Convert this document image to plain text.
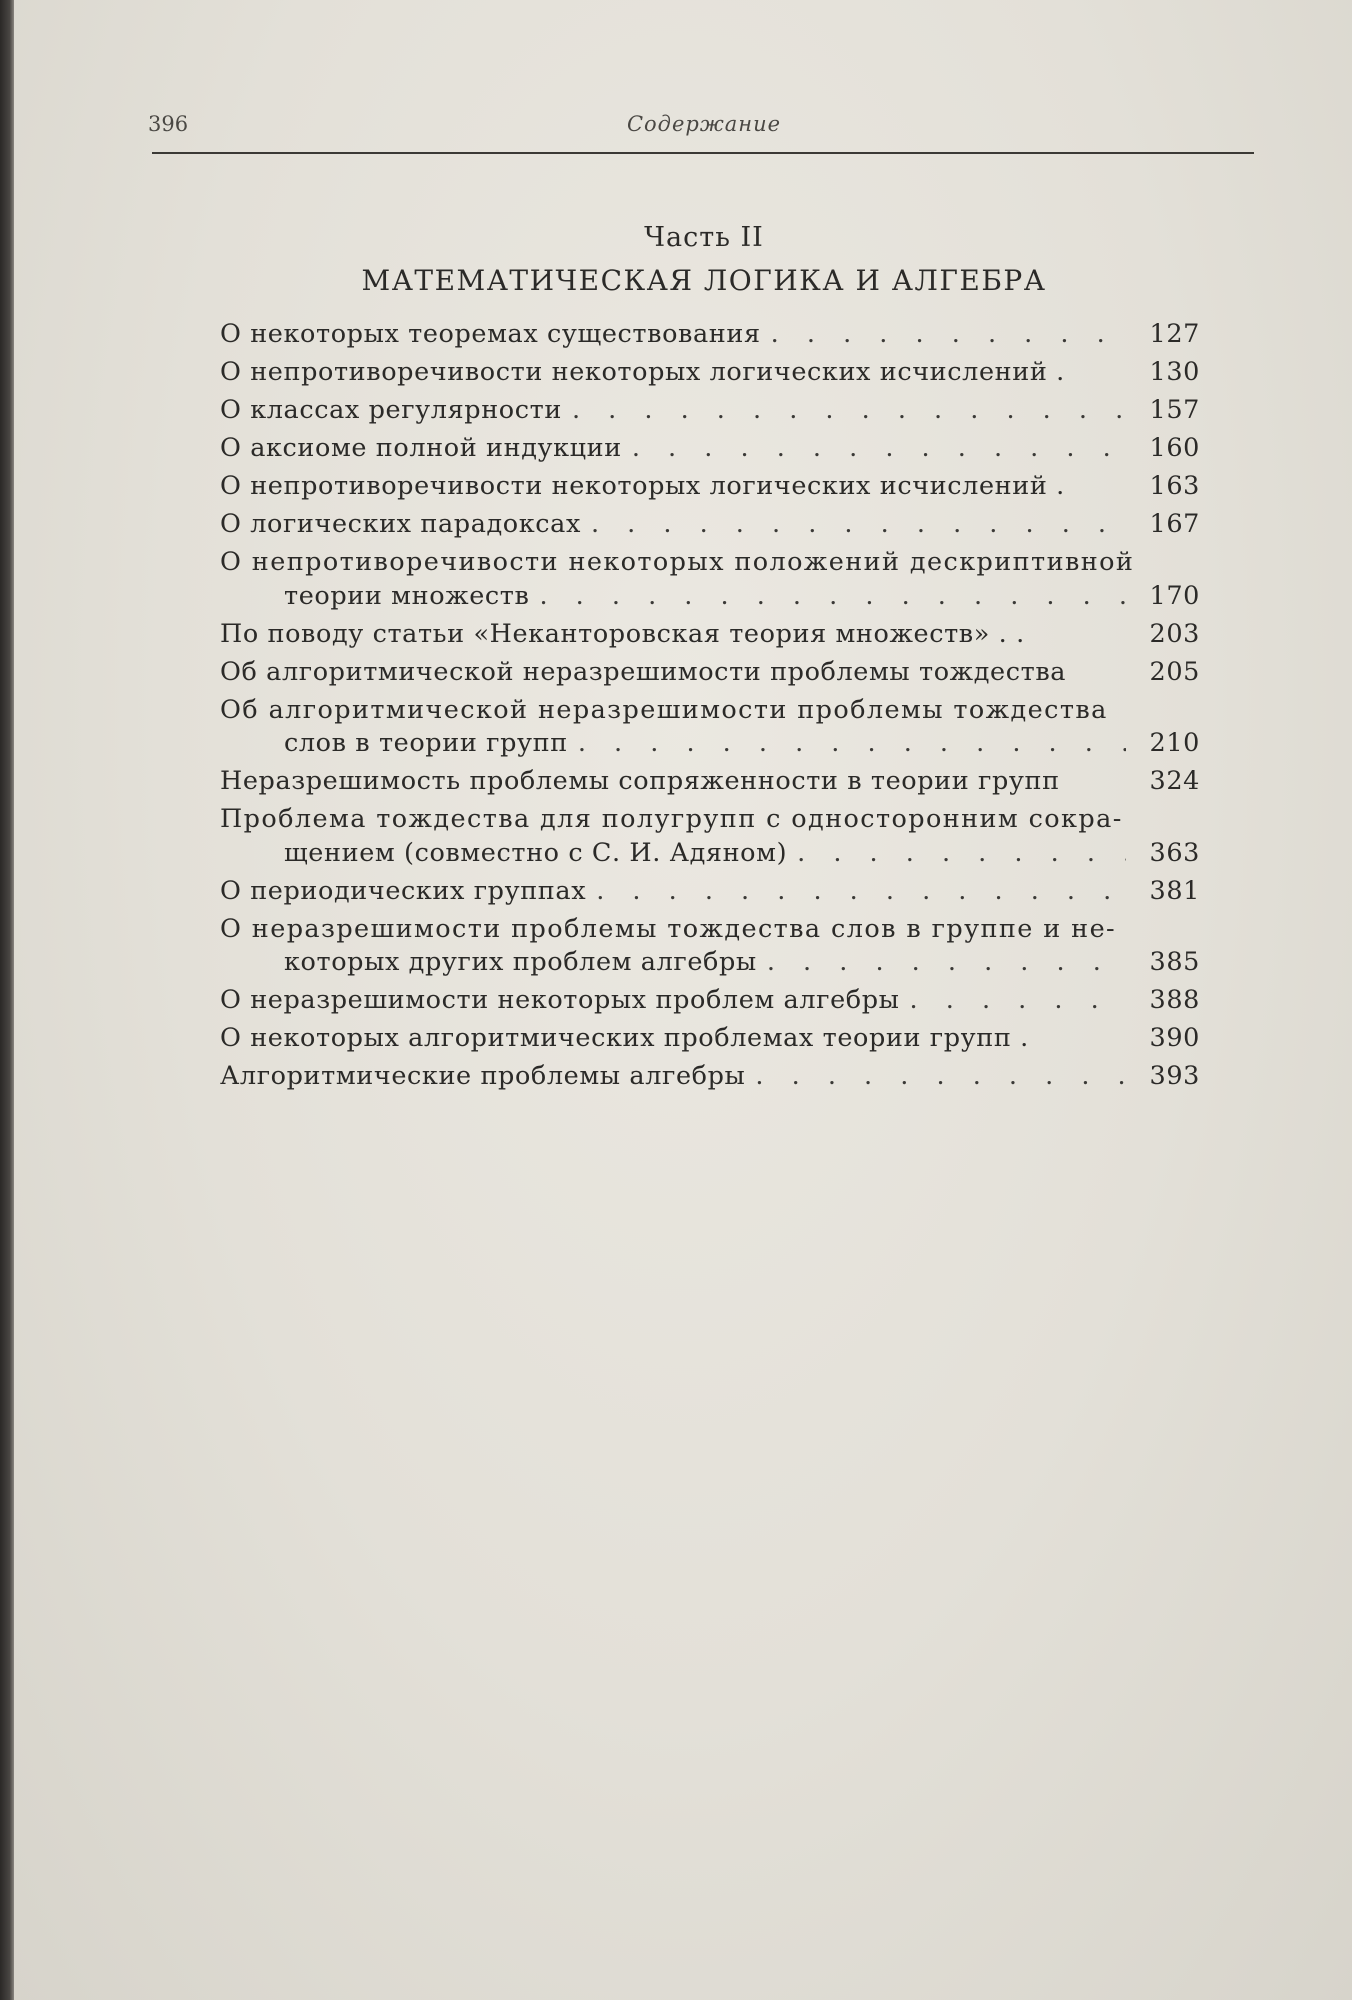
396	Содержание
Часть II
МАТЕМАТИЧЕСКАЯ ЛОГИКА И АЛГЕБРА
О некоторых теоремах существования . . .	127
О непротиворечивости некоторых логических исчислений .	130
О классах регулярности . . .	157
О аксиоме полной индукции . . .	160
О непротиворечивости некоторых логических исчислений .	163
О логических парадоксах . . .	167
О непротиворечивости некоторых положений дескриптивной
теории множеств . . .	170
По поводу статьи «Неканторовская теория множеств» . .	203
Об алгоритмической неразрешимости проблемы тождества	205
Об алгоритмической неразрешимости проблемы тождества
слов в теории групп . . .	210
Неразрешимость проблемы сопряженности в теории групп	324
Проблема тождества для полугрупп с односторонним сокра-
щением (совместно с С. И. Адяном) . . .	363
О периодических группах . . .	381
О неразрешимости проблемы тождества слов в группе и не-
которых других проблем алгебры . . .	385
О неразрешимости некоторых проблем алгебры . . .	388
О некоторых алгоритмических проблемах теории групп .	390
Алгоритмические проблемы алгебры . . .	393
